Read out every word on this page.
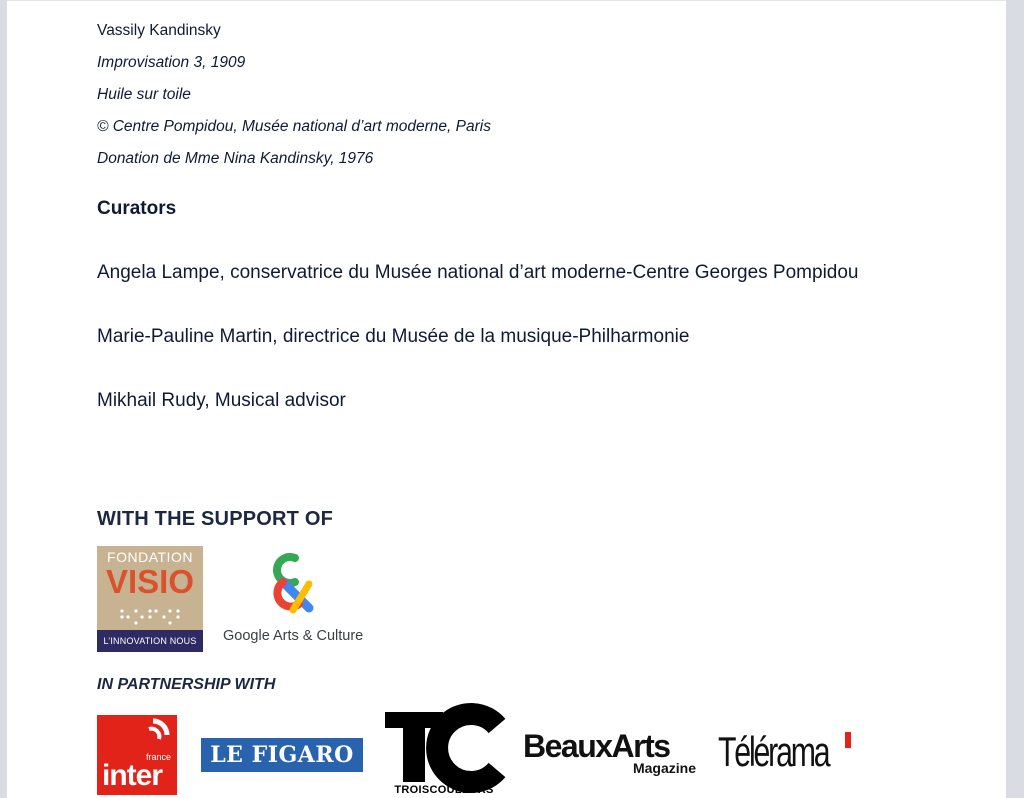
Vassily Kandinsky

Improvisation 3, 1909

Huile sur toile

© Centre Pompidou, Musée national d’art moderne, Paris

Donation de Mme Nina Kandinsky, 1976

Curators

Angela Lampe, conservatrice du Musée national d’art moderne-Centre Georges Pompidou

Marie-Pauline Martin, directrice du Musée de la musique-Philharmonie

Mikhail Rudy, Musical advisor

WITH THE SUPPORT OF
FONDATION
VISIO
L’INNOVATION NOUS GUIDE
Google Arts & Culture
IN PARTNERSHIP WITH
france
inter
LE FIGARO
TROISCOULEURS
BeauxArts
Magazine Télérama
